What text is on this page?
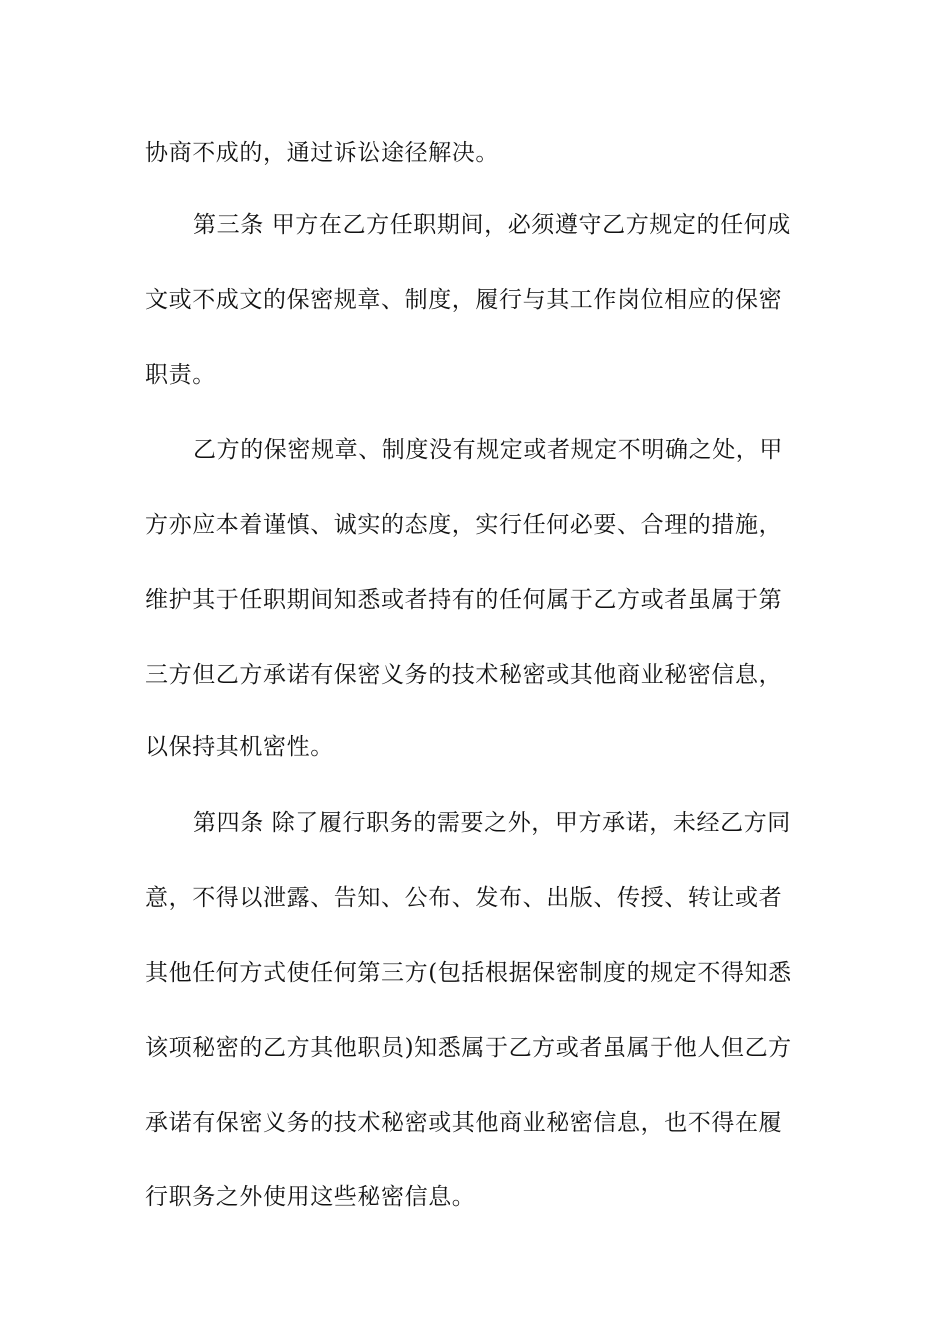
协商不成的，通过诉讼途径解决。
第三条 甲方在乙方任职期间，必须遵守乙方规定的任何成
文或不成文的保密规章、制度，履行与其工作岗位相应的保密
职责。
乙方的保密规章、制度没有规定或者规定不明确之处，甲
方亦应本着谨慎、诚实的态度，实行任何必要、合理的措施，
维护其于任职期间知悉或者持有的任何属于乙方或者虽属于第
三方但乙方承诺有保密义务的技术秘密或其他商业秘密信息，
以保持其机密性。
第四条 除了履行职务的需要之外，甲方承诺，未经乙方同
意，不得以泄露、告知、公布、发布、出版、传授、转让或者
其他任何方式使任何第三方(包括根据保密制度的规定不得知悉
该项秘密的乙方其他职员)知悉属于乙方或者虽属于他人但乙方
承诺有保密义务的技术秘密或其他商业秘密信息，也不得在履
行职务之外使用这些秘密信息。
